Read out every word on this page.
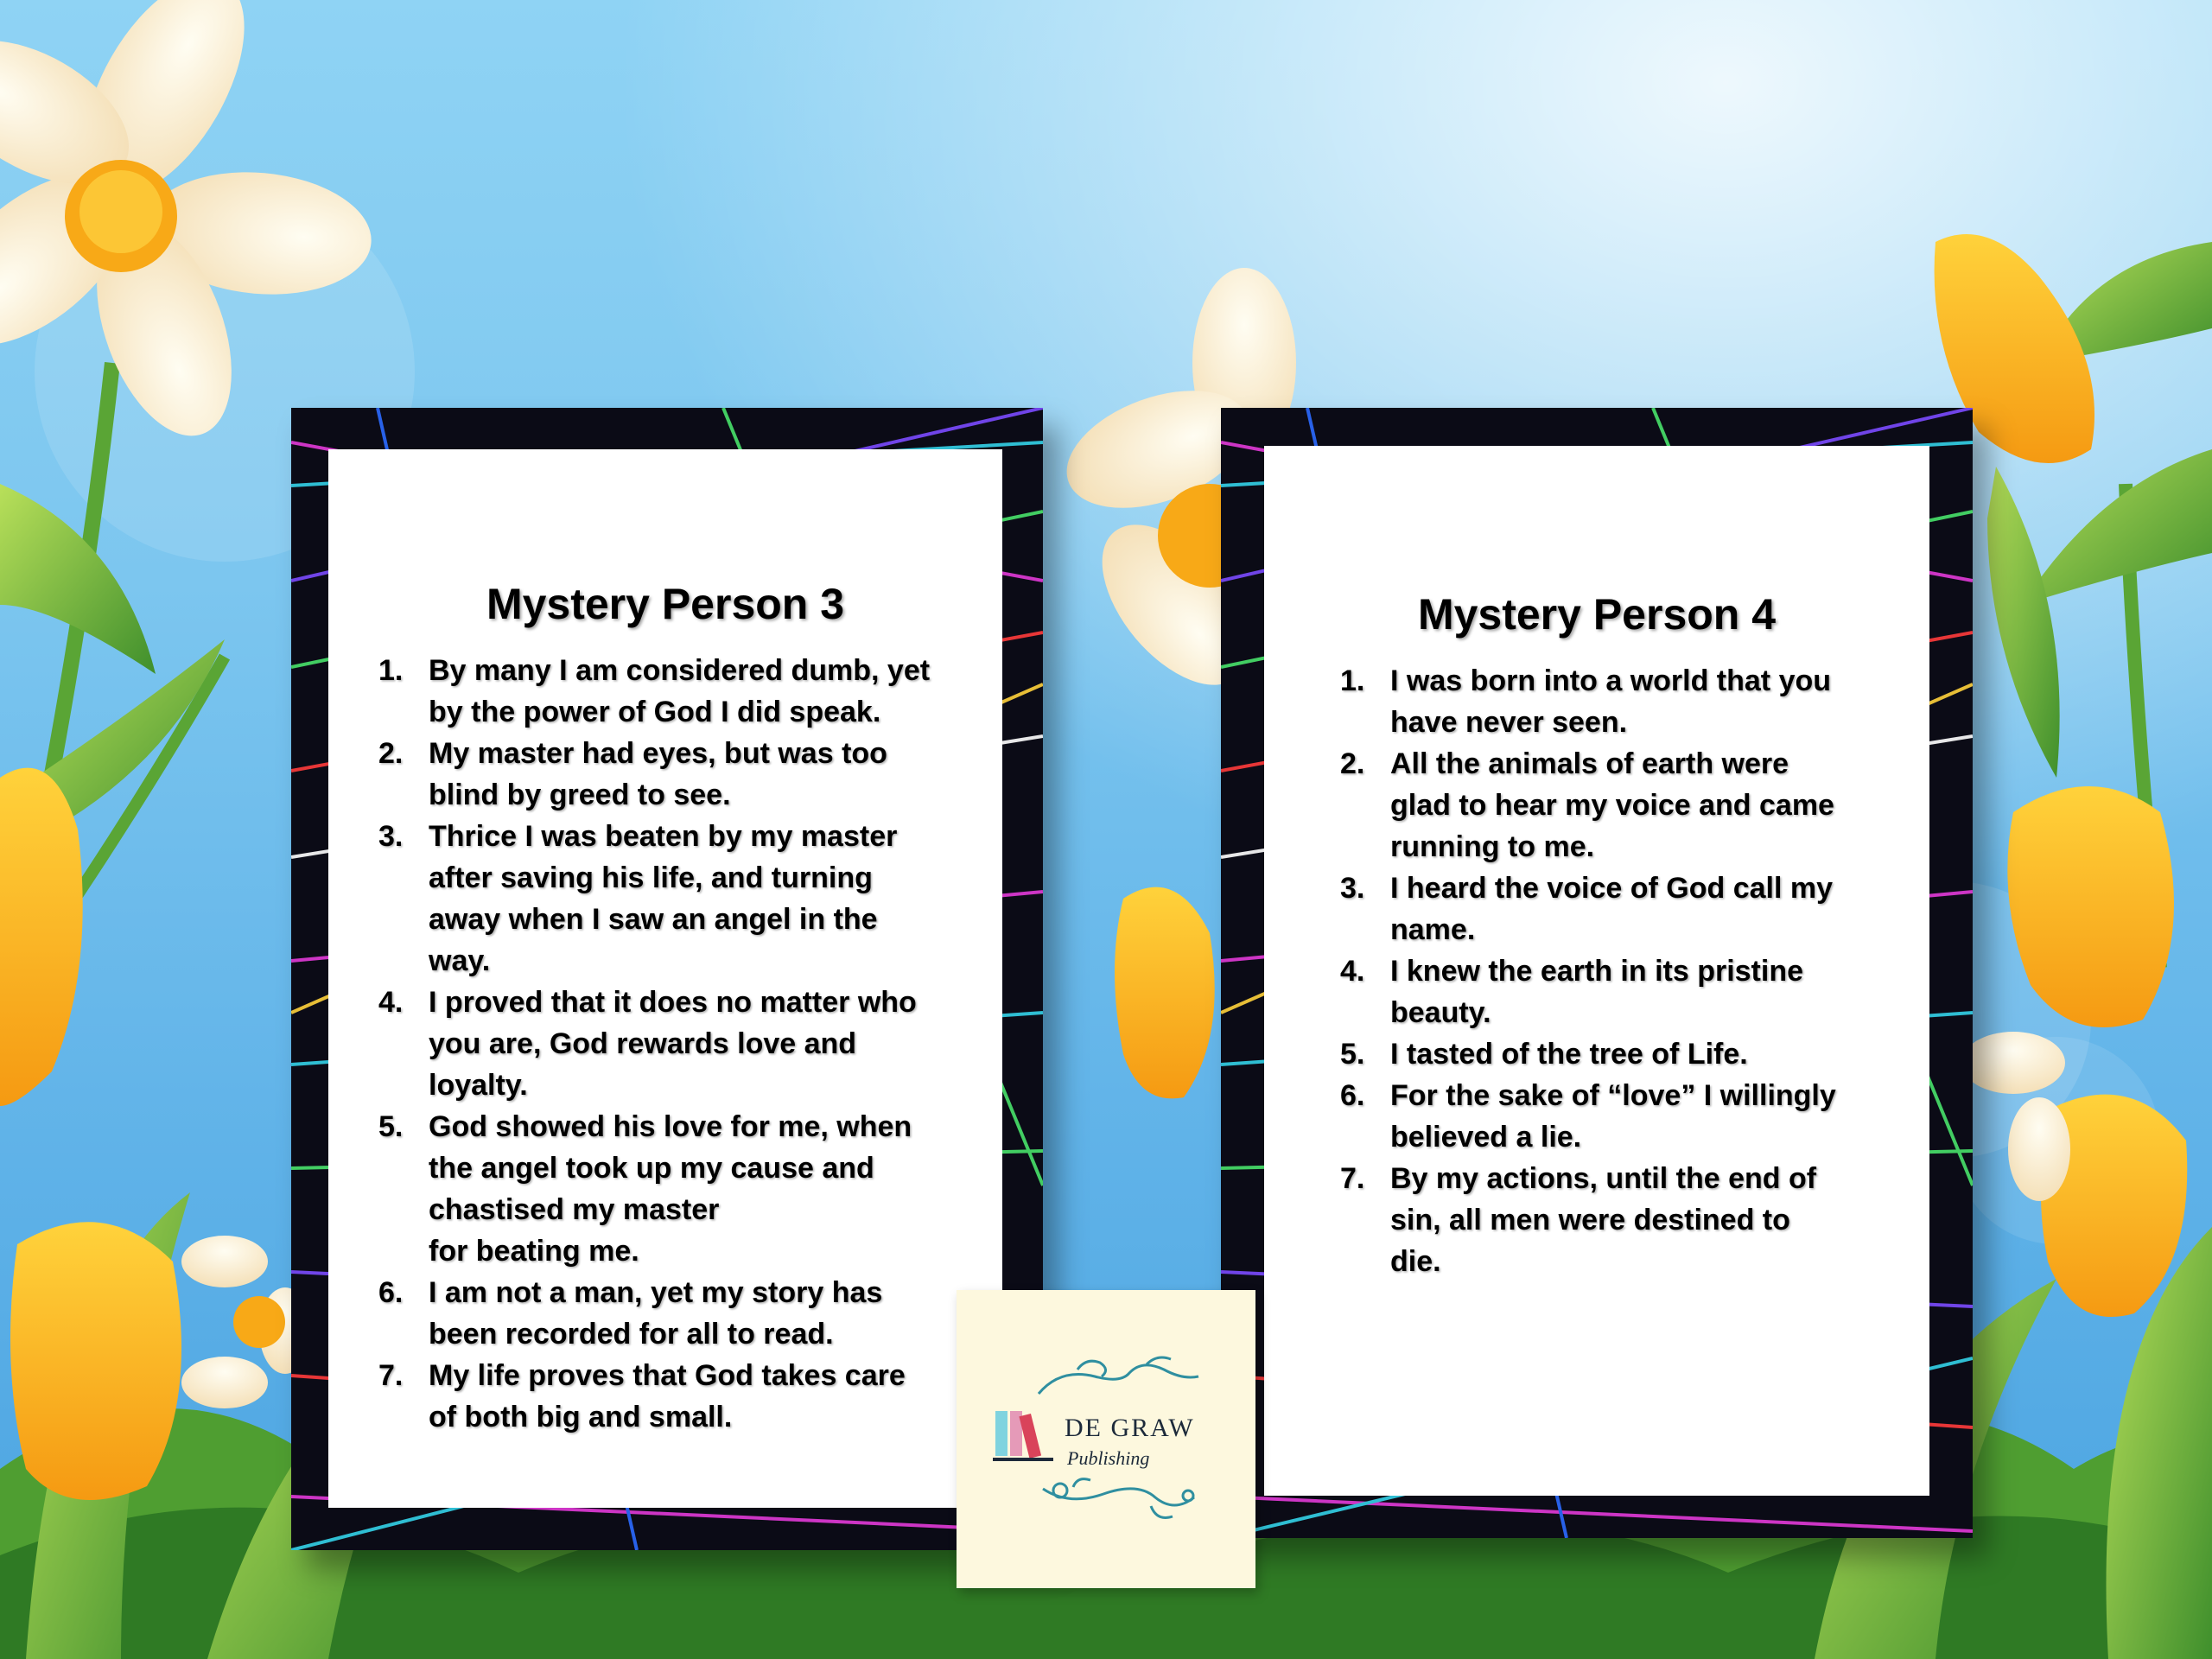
Mystery Person 3
1. By many I am considered dumb, yet
by the power of God I did speak.
2. My master had eyes, but was too
blind by greed to see.
3. Thrice I was beaten by my master
after saving his life, and turning
away when I saw an angel in the
way.
4. I proved that it does no matter who
you are, God rewards love and
loyalty.
5. God showed his love for me, when
the angel took up my cause and
chastised my master
for beating me.
6. I am not a man, yet my story has
been recorded for all to read.
7. My life proves that God takes care
of both big and small.
Mystery Person 4
1. I was born into a world that you
have never seen.
2. All the animals of earth were
glad to hear my voice and came
running to me.
3. I heard the voice of God call my
name.
4. I knew the earth in its pristine
beauty.
5. I tasted of the tree of Life.
6. For the sake of “love” I willingly
believed a lie.
7. By my actions, until the end of
sin, all men were destined to
die.
DE GRAW
Publishing
